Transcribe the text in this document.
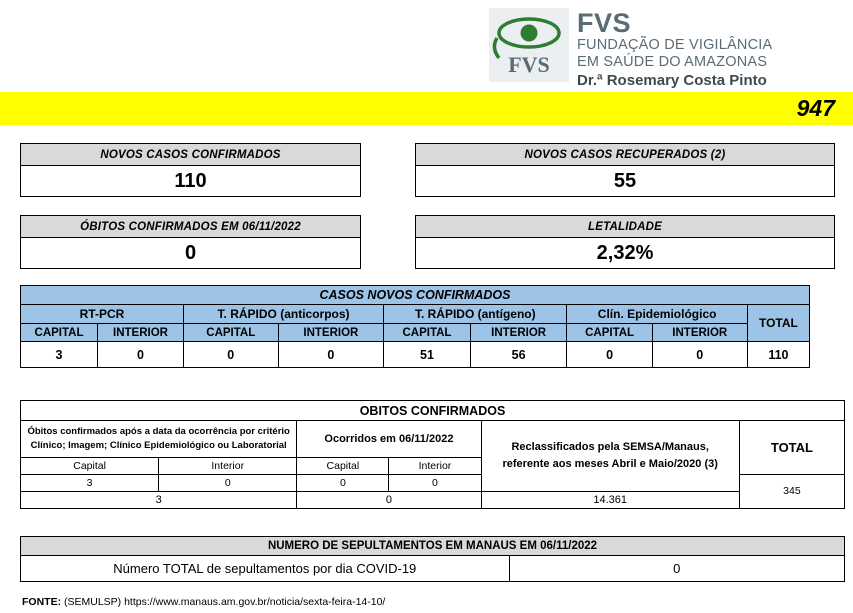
FVS
FVS
FUNDAÇÃO DE VIGILÂNCIA
EM SAÚDE DO AMAZONAS
Dr.ª Rosemary Costa Pinto
947
NOVOS CASOS CONFIRMADOS
110
NOVOS CASOS RECUPERADOS (2)
55
ÓBITOS CONFIRMADOS EM 06/11/2022
0
LETALIDADE
2,32%
CASOS NOVOS CONFIRMADOS								
RT-PCR		T. RÁPIDO (anticorpos)		T. RÁPIDO (antígeno)		Clín. Epidemiológico		TOTAL
CAPITAL	INTERIOR	CAPITAL	INTERIOR	CAPITAL	INTERIOR	CAPITAL	INTERIOR	
3	0	0	0	51	56	0	0	110
OBITOS CONFIRMADOS					
Óbitos confirmados após a data da ocorrência por critério
Clínico; Imagem; Clínico Epidemiológico ou Laboratorial		Ocorridos em 06/11/2022		Reclassificados pela SEMSA/Manaus,
referente aos meses Abril e Maio/2020 (3)	TOTAL
Capital	Interior	Capital	Interior		
3	0	0	0		345
3		0		14.361	
NUMERO DE SEPULTAMENTOS EM MANAUS EM 06/11/2022
Número TOTAL de sepultamentos por dia COVID-19	0
FONTE: (SEMULSP) https://www.manaus.am.gov.br/noticia/sexta-feira-14-10/
